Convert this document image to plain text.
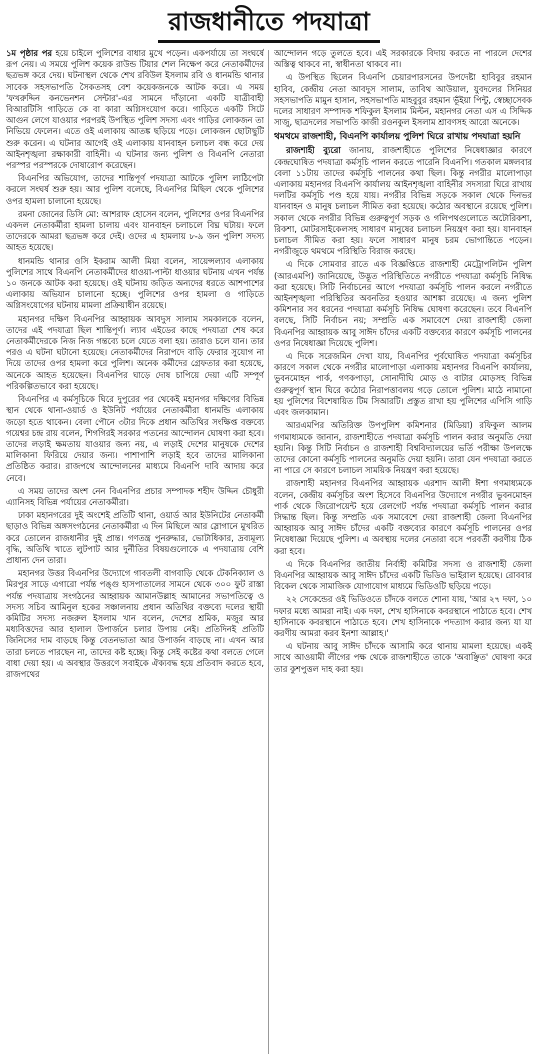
রাজধানীতে পদযাত্রা

১ম পৃষ্ঠার পর হয়ে চাইলে পুলিশের বাধার মুখে পড়েন। একপর্যায়ে তা সংঘর্ষে রূপ নেয়। এ সময়ে পুলিশ কয়েক রাউন্ড টিয়ার শেল নিক্ষেপ করে নেতাকর্মীদের ছত্রভঙ্গ করে দেয়। ঘটনাস্থল থেকে শেখ রবিউল ইসলাম রবি ও ধানমন্ডি থানার সাবেক সহসভাপতি সৈকতসহ বেশ কয়েকজনকে আটক করে। এ সময় 'ফখরুদ্দিন কনভেনশন সেন্টার'-এর সামনে দাঁড়ানো একটি যাত্রীবাহী বিআরটিসি গাড়িতে কে বা কারা অগ্নিসংযোগ করে। গাড়িতে একটি সিটে আগুন লেগে যাওয়ার পরপরই উপস্থিত পুলিশ সদস্য এবং গাড়ির লোকজন তা নিভিয়ে ফেলেন। এতে ওই এলাকায় আতঙ্ক ছড়িয়ে পড়ে। লোকজন ছোটাছুটি শুরু করেন। এ ঘটনার আগেই ওই এলাকায় যানবাহন চলাচল বন্ধ করে দেয় আইনশৃঙ্খলা রক্ষাকারী বাহিনী। এ ঘটনার জন্য পুলিশ ও বিএনপি নেতারা পরস্পর পরস্পরকে দোষারোপ করেছেন।

বিএনপির অভিযোগ, তাদের শান্তিপূর্ণ পদযাত্রা আটকে পুলিশ লাঠিপেটা করলে সংঘর্ষ শুরু হয়। আর পুলিশ বলেছে, বিএনপির মিছিল থেকে পুলিশের ওপর হামলা চালানো হয়েছে।

রমনা জোনের ডিসি মো: আশরাফ হোসেন বলেন, পুলিশের ওপর বিএনপির একদল নেতাকর্মীরা হামলা চালায় এবং যানবাহন চলাচলে বিঘ্ন ঘটায়। ফলে তাদেরকে আমরা ছত্রভঙ্গ করে দেই। ওদের এ হামলায় ৮-৯ জন পুলিশ সদস্য আহত হয়েছে।

ধানমন্ডি থানার ওসি ইকরাম আলী মিয়া বলেন, সায়েন্সল্যাব এলাকায় পুলিশের সাথে বিএনপি নেতাকর্মীদের ধাওয়া-পাল্টা ধাওয়ার ঘটনায় এখন পর্যন্ত ১০ জনকে আটক করা হয়েছে। ওই ঘটনায় জড়িত অন্যদের ধরতে আশপাশের এলাকায় অভিযান চালানো হচ্ছে। পুলিশের ওপর হামলা ও গাড়িতে অগ্নিসংযোগের ঘটনায় মামলা প্রক্রিয়াধীন রয়েছে।

মহানগর দক্ষিণ বিএনপির আহ্বায়ক আবদুস সালাম সমকালকে বলেন, তাদের এই পদযাত্রা ছিল শান্তিপূর্ণ। ল্যাব এইডের কাছে পদযাত্রা শেষ করে নেতাকর্মীদেরকে নিজ নিজ গন্তব্যে চলে যেতে বলা হয়। তারাও চলে যান। তার পরও এ ঘটনা ঘটানো হয়েছে। নেতাকর্মীদের নিরাপদে বাড়ি ফেরার সুযোগ না দিয়ে তাদের ওপর হামলা করে পুলিশ। অনেক কর্মীদের গ্রেফতার করা হয়েছে, অনেকে আহত হয়েছেন। বিএনপির ঘাড়ে দোষ চাপিয়ে দেয়া এটি সম্পূর্ণ পরিকল্পিতভাবে করা হয়েছে।

বিএনপির এ কর্মসূচিকে ঘিরে দুপুরের পর থেকেই মহানগর দক্ষিণের বিভিন্ন স্থান থেকে থানা-ওয়ার্ড ও ইউনিট পর্যায়ের নেতাকর্মীরা ধানমন্ডি এলাকায় জড়ো হতে থাকেন। বেলা পৌনে ৩টার দিকে প্রধান অতিথির সংক্ষিপ্ত বক্তব্যে গয়েশ্বর চন্দ্র রায় বলেন, শিগগিরই সরকার পতনের আন্দোলন ঘোষণা করা হবে। তাদের লড়াই ক্ষমতায় যাওয়ার জন্য নয়, এ লড়াই দেশের মানুষকে দেশের মালিকানা ফিরিয়ে দেয়ার জন্য। পাশাপাশি লড়াই হবে তাদের মালিকানা প্রতিষ্ঠিত করার। রাজপথে আন্দোলনের মাধ্যমে বিএনপি দাবি আদায় করে নেবে।

এ সময় তাদের অংশ নেন বিএনপির প্রচার সম্পাদক শহীদ উদ্দিন চৌধুরী এ্যানিসহ বিভিন্ন পর্যায়ের নেতাকর্মীরা।

ঢাকা মহানগরের দুই অংশেই প্রতিটি থানা, ওয়ার্ড আর ইউনিটের নেতাকর্মী ছাড়াও বিভিন্ন অঙ্গসংগঠনের নেতাকর্মীরা এ দিন মিছিলে আর স্লোগানে মুখরিত করে তোলেন রাজধানীর দুই প্রান্ত। গণতন্ত্র পুনরুদ্ধার, ভোটাধিকার, দ্রব্যমূল্য বৃদ্ধি, অতিথি খাতে লুটপাট আর দুর্নীতির বিষয়গুলোকে এ পদযাত্রায় বেশি প্রাধান্য দেন তারা।

মহানগর উত্তর বিএনপির উদ্যোগে গাবতলী বাগবাড়ি থেকে টেকনিক্যাল ও মিরপুর সাড়ে এগারো পর্যন্ত পঙ্গু হাসপাতালের সামনে থেকে ৩০০ ফুট রাস্তা পর্যন্ত পদযাত্রায় সংগঠনের আহ্বায়ক আমানউল্লাহ আমানের সভাপতিত্বে ও সদস্য সচিব আমিনুল হকের সঞ্চালনায় প্রধান অতিথির বক্তব্যে দলের স্থায়ী কমিটির সদস্য নজরুল ইসলাম খান বলেন, দেশের শ্রমিক, মজুর আর মধ্যবিত্তদের আর হালাল উপার্জনে চলার উপায় নেই। প্রতিদিনই প্রতিটি জিনিসের দাম বাড়ছে কিন্তু বেতনভাতা আর উপার্জন বাড়ছে না। এখন আর তারা চলতে পারছেন না, তাদের কষ্ট হচ্ছে। কিন্তু সেই কষ্টের কথা বলতে গেলে বাধা দেয়া হয়। এ অবস্থার উত্তরণে সবাইকে ঐক্যবদ্ধ হয়ে প্রতিবাদ করতে হবে, রাজপথের

আন্দোলন গড়ে তুলতে হবে। এই সরকারকে বিদায় করতে না পারলে দেশের অস্তিত্ব থাকবে না, স্বাধীনতা থাকবে না।

এ উপস্থিত ছিলেন বিএনপি চেয়ারপারসনের উপদেষ্টা হাবিবুর রহমান হাবিব, কেন্দ্রীয় নেতা আবদুস সালাম, তাবিথ আউয়াল, যুবদলের সিনিয়র সহসভাপতি মামুন হাসান, সহসভাপতি মাহবুবুর রহমান ভূঁইয়া পিন্টু, স্বেচ্ছাসেবক দলের সাধারণ সম্পাদক শফিকুল ইসলাম মিল্টন, মহানগর নেতা এস এ সিদ্দিক সাজু, ছাত্রদলের সভাপতি কাজী রওনকুল ইসলাম শ্রাবণসহ আরো অনেকে।

থমথমে রাজশাহী, বিএনপি কার্যালয় পুলিশ ঘিরে রাখায় পদযাত্রা হয়নি

রাজশাহী ব্যুরো জানায়, রাজশাহীতে পুলিশের নিষেধাজ্ঞার কারণে কেন্দ্রঘোষিত পদযাত্রা কর্মসূচি পালন করতে পারেনি বিএনপি। গতকাল মঙ্গলবার বেলা ১১টায় তাদের কর্মসূচি পালনের কথা ছিল। কিন্তু নগরীর মালোপাড়া এলাকায় মহানগর বিএনপি কার্যালয় আইনশৃঙ্খলা বাহিনীর সদস্যরা ঘিরে রাখায় দলটির কর্মসূচি পণ্ড হয়ে যায়। নগরীর বিভিন্ন সড়কে সকাল থেকে দিনভর যানবাহন ও মানুষ চলাচল সীমিত করা হয়েছে। কঠোর অবস্থানে রয়েছে পুলিশ। সকাল থেকে নগরীর বিভিন্ন গুরুত্বপূর্ণ সড়ক ও গলিপথগুলোতে অটোরিকশা, রিকশা, মোটরসাইকেলসহ সাধারণ মানুষের চলাচল নিয়ন্ত্রণ করা হয়। যানবাহন চলাচল সীমিত করা হয়। ফলে সাধারণ মানুষ চরম ভোগান্তিতে পড়েন। নগরীজুড়ে থমথমে পরিস্থিতি বিরাজ করছে।

এ দিকে সোমবার রাতে এক বিজ্ঞপ্তিতে রাজশাহী মেট্রোপলিটন পুলিশ (আরএমপি) জানিয়েছে, উদ্ভূত পরিস্থিতিতে নগরীতে পদযাত্রা কর্মসূচি নিষিদ্ধ করা হয়েছে। সিটি নির্বাচনের আগে পদযাত্রা কর্মসূচি পালন করলে নগরীতে আইনশৃঙ্খলা পরিস্থিতির অবনতির হওয়ার আশঙ্কা রয়েছে। এ জন্য পুলিশ কমিশনার সব ধরনের পদযাত্রা কর্মসূচি নিষিদ্ধ ঘোষণা করেছেন। তবে বিএনপি বলছে, সিটি নির্বাচন নয়; সম্প্রতি এক সমাবেশে দেয়া রাজশাহী জেলা বিএনপির আহ্বায়ক আবু সাঈদ চাঁদের একটি বক্তব্যের কারণে কর্মসূচি পালনের ওপর নিষেধাজ্ঞা দিয়েছে পুলিশ।

এ দিকে সরেজমিন দেখা যায়, বিএনপির পূর্বঘোষিত পদযাত্রা কর্মসূচির কারণে সকাল থেকে নগরীর মালোপাড়া এলাকায় মহানগর বিএনপি কার্যালয়, ভুবনমোহন পার্ক, গণকপাড়া, সোনাদীঘি মোড় ও বাটার মোড়সহ বিভিন্ন গুরুত্বপূর্ণ স্থান ঘিরে কঠোর নিরাপত্তাবলয় গড়ে তোলে পুলিশ। মাঠে নামানো হয় পুলিশের বিশেষায়িত টিম সিআরটি। প্রস্তুত রাখা হয় পুলিশের এপিসি গাড়ি এবং জলকামান।

আরএমপির অতিরিক্ত উপপুলিশ কমিশনার (মিডিয়া) রফিকুল আলম গণমাধ্যমকে জানান, রাজশাহীতে পদযাত্রা কর্মসূচি পালন করার অনুমতি দেয়া হয়নি। কিন্তু সিটি নির্বাচন ও রাজশাহী বিশ্ববিদ্যালয়ের ভর্তি পরীক্ষা উপলক্ষে তাদের কোনো কর্মসূচি পালনের অনুমতি দেয়া হয়নি। তারা যেন পদযাত্রা করতে না পারে সে কারণে চলাচল সাময়িক নিয়ন্ত্রণ করা হয়েছে।

রাজশাহী মহানগর বিএনপির আহ্বায়ক এরশাদ আলী ঈশা গণমাধ্যমকে বলেন, কেন্দ্রীয় কর্মসূচির অংশ হিসেবে বিএনপির উদ্যোগে নগরীর ভুবনমোহন পার্ক থেকে জিরোপয়েন্ট হয়ে রেলগেট পর্যন্ত পদযাত্রা কর্মসূচি পালন করার সিদ্ধান্ত ছিল। কিন্তু সম্প্রতি এক সমাবেশে দেয়া রাজশাহী জেলা বিএনপির আহ্বায়ক আবু সাঈদ চাঁদের একটি বক্তব্যের কারণে কর্মসূচি পালনের ওপর নিষেধাজ্ঞা দিয়েছে পুলিশ। এ অবস্থায় দলের নেতারা বসে পরবর্তী করণীয় ঠিক করা হবে।

এ দিকে বিএনপির জাতীয় নির্বাহী কমিটির সদস্য ও রাজশাহী জেলা বিএনপির আহ্বায়ক আবু সাঈদ চাঁদের একটি ভিডিও ভাইরাল হয়েছে। রোববার বিকেল থেকে সামাজিক যোগাযোগ মাধ্যমে ভিডিওটি ছড়িয়ে পড়ে।

২২ সেকেন্ডের ওই ভিডিওতে চাঁদকে বলতে শোনা যায়, 'আর ২৭ দফা, ১০ দফার মধ্যে আমরা নাই। এক দফা, শেখ হাসিনাকে কবরস্থানে পাঠাতে হবে। শেখ হাসিনাকে কবরস্থানে পাঠাতে হবে। শেখ হাসিনাকে পদত্যাগ করার জন্য যা যা করণীয় আমরা করব ইনশা আল্লাহ।'

এ ঘটনায় আবু সাঈদ চাঁদকে আসামি করে থানায় মামলা হয়েছে। একই সাথে আওয়ামী লীগের পক্ষ থেকে রাজশাহীতে তাকে 'অবাঞ্ছিত' ঘোষণা করে তার কুশপুত্তল দাহ করা হয়।
